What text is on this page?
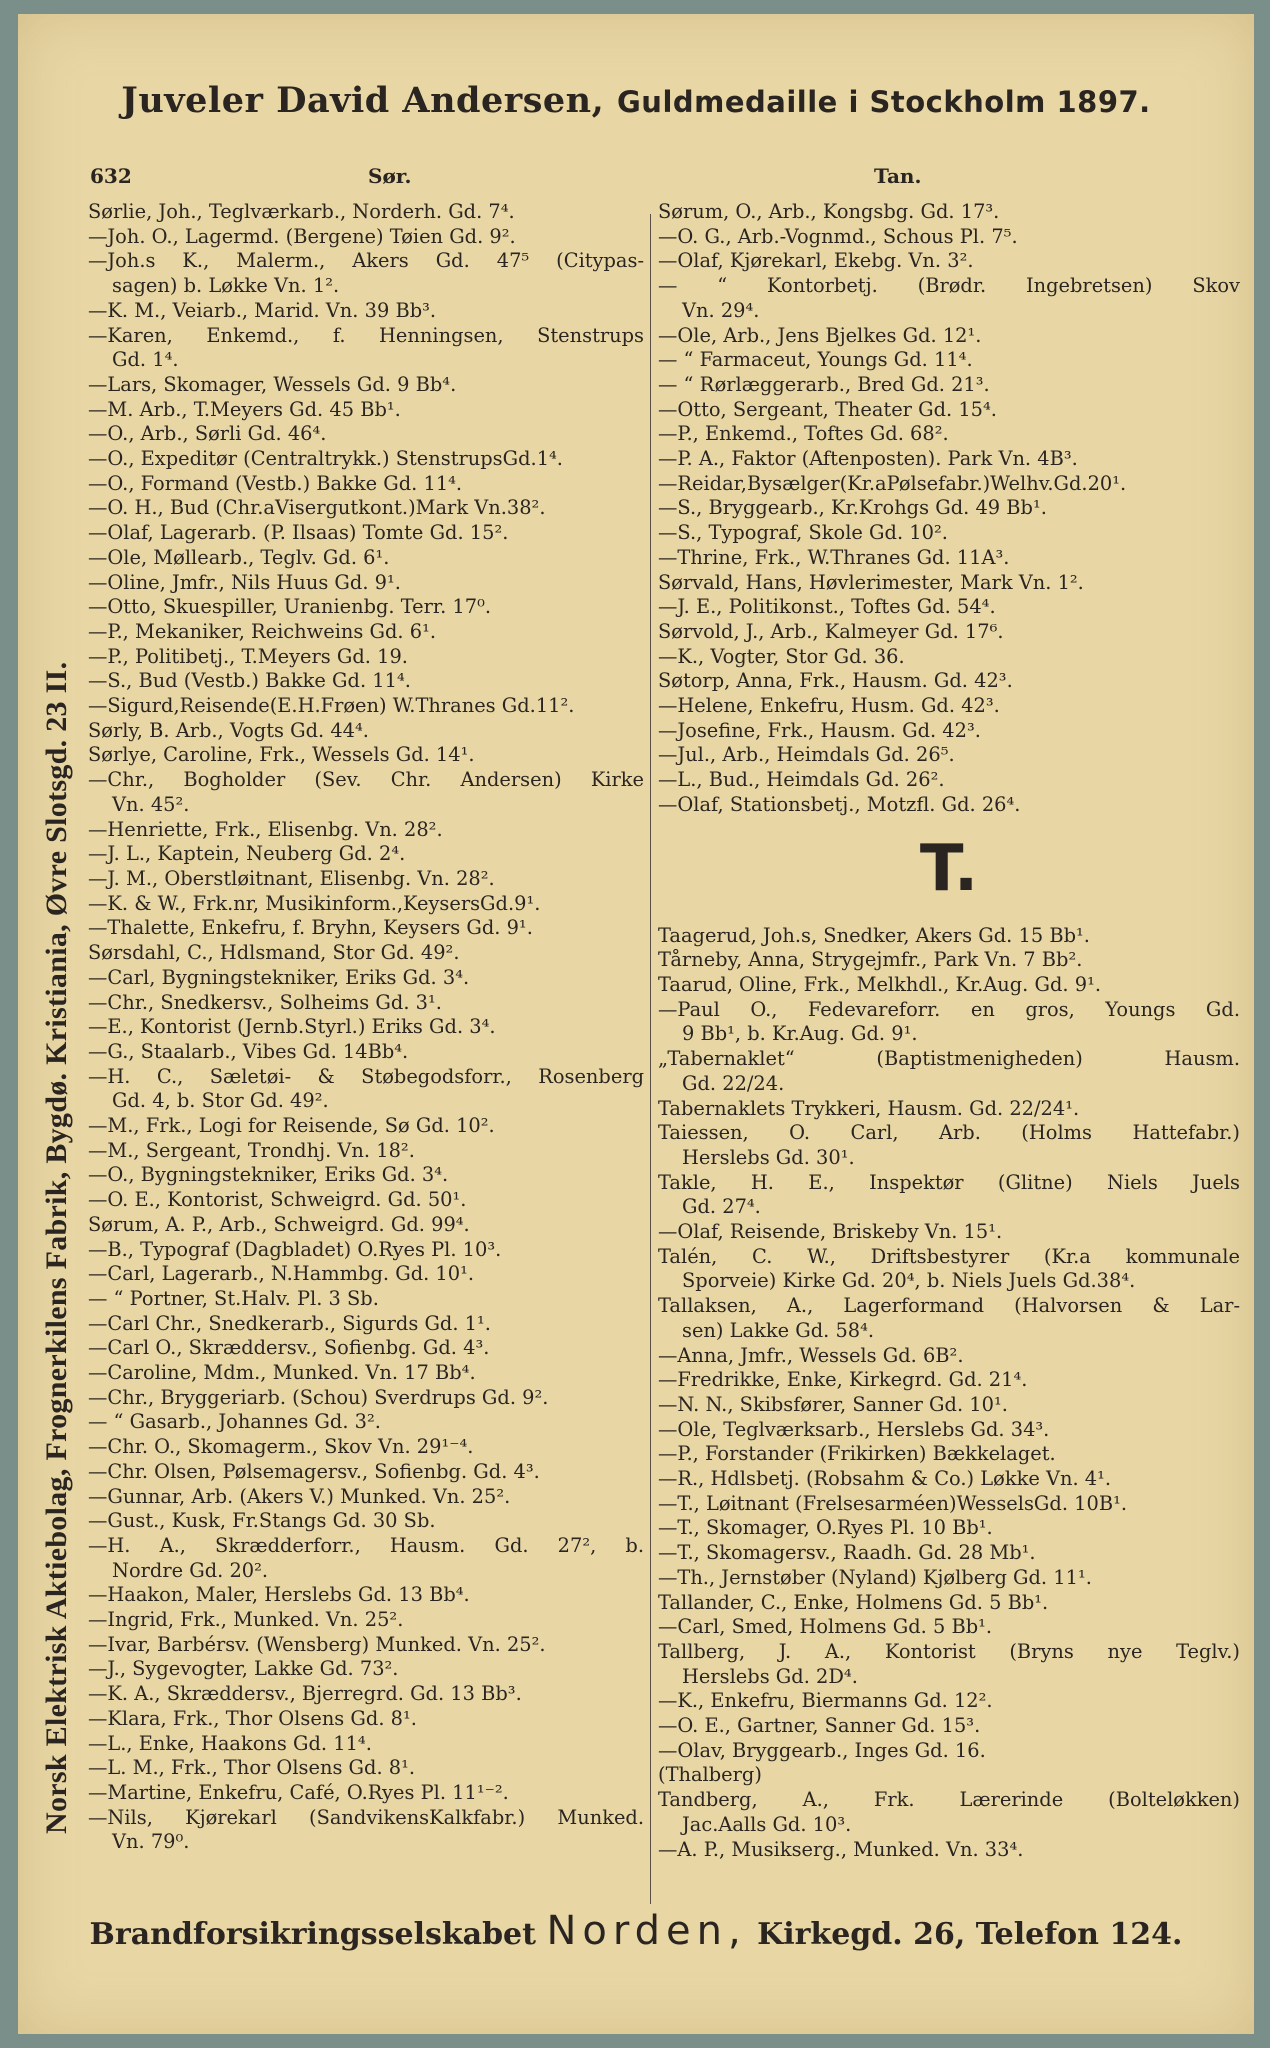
Juveler David Andersen, Guldmedaille i Stockholm 1897.
632	Sør.	Tan.
Norsk Elektrisk Aktiebolag, Frognerkilens Fabrik, Bygdø. Kristiania, Øvre Slotsgd. 23 II.
Sørlie, Joh., Teglværkarb., Norderh. Gd. 7⁴.
—Joh. O., Lagermd. (Bergene) Tøien Gd. 9².
—Joh.s K., Malerm., Akers Gd. 47⁵ (Citypas-
sagen) b. Løkke Vn. 1².
—K. M., Veiarb., Marid. Vn. 39 Bb³.
—Karen, Enkemd., f. Henningsen, Stenstrups
Gd. 1⁴.
—Lars, Skomager, Wessels Gd. 9 Bb⁴.
—M. Arb., T.Meyers Gd. 45 Bb¹.
—O., Arb., Sørli Gd. 46⁴.
—O., Expeditør (Centraltrykk.) StenstrupsGd.1⁴.
—O., Formand (Vestb.) Bakke Gd. 11⁴.
—O. H., Bud (Chr.aVisergutkont.)Mark Vn.38².
—Olaf, Lagerarb. (P. Ilsaas) Tomte Gd. 15².
—Ole, Møllearb., Teglv. Gd. 6¹.
—Oline, Jmfr., Nils Huus Gd. 9¹.
—Otto, Skuespiller, Uranienbg. Terr. 17⁰.
—P., Mekaniker, Reichweins Gd. 6¹.
—P., Politibetj., T.Meyers Gd. 19.
—S., Bud (Vestb.) Bakke Gd. 11⁴.
—Sigurd,Reisende(E.H.Frøen) W.Thranes Gd.11².
Sørly, B. Arb., Vogts Gd. 44⁴.
Sørlye, Caroline, Frk., Wessels Gd. 14¹.
—Chr., Bogholder (Sev. Chr. Andersen) Kirke
Vn. 45².
—Henriette, Frk., Elisenbg. Vn. 28².
—J. L., Kaptein, Neuberg Gd. 2⁴.
—J. M., Oberstløitnant, Elisenbg. Vn. 28².
—K. & W., Frk.nr, Musikinform.,KeysersGd.9¹.
—Thalette, Enkefru, f. Bryhn, Keysers Gd. 9¹.
Sørsdahl, C., Hdlsmand, Stor Gd. 49².
—Carl, Bygningstekniker, Eriks Gd. 3⁴.
—Chr., Snedkersv., Solheims Gd. 3¹.
—E., Kontorist (Jernb.Styrl.) Eriks Gd. 3⁴.
—G., Staalarb., Vibes Gd. 14Bb⁴.
—H. C., Sæletøi- & Støbegodsforr., Rosenberg
Gd. 4, b. Stor Gd. 49².
—M., Frk., Logi for Reisende, Sø Gd. 10².
—M., Sergeant, Trondhj. Vn. 18².
—O., Bygningstekniker, Eriks Gd. 3⁴.
—O. E., Kontorist, Schweigrd. Gd. 50¹.
Sørum, A. P., Arb., Schweigrd. Gd. 99⁴.
—B., Typograf (Dagbladet) O.Ryes Pl. 10³.
—Carl, Lagerarb., N.Hammbg. Gd. 10¹.
— “ Portner, St.Halv. Pl. 3 Sb.
—Carl Chr., Snedkerarb., Sigurds Gd. 1¹.
—Carl O., Skræddersv., Sofienbg. Gd. 4³.
—Caroline, Mdm., Munked. Vn. 17 Bb⁴.
—Chr., Bryggeriarb. (Schou) Sverdrups Gd. 9².
— “ Gasarb., Johannes Gd. 3².
—Chr. O., Skomagerm., Skov Vn. 29¹⁻⁴.
—Chr. Olsen, Pølsemagersv., Sofienbg. Gd. 4³.
—Gunnar, Arb. (Akers V.) Munked. Vn. 25².
—Gust., Kusk, Fr.Stangs Gd. 30 Sb.
—H. A., Skrædderforr., Hausm. Gd. 27², b.
Nordre Gd. 20².
—Haakon, Maler, Herslebs Gd. 13 Bb⁴.
—Ingrid, Frk., Munked. Vn. 25².
—Ivar, Barbérsv. (Wensberg) Munked. Vn. 25².
—J., Sygevogter, Lakke Gd. 73².
—K. A., Skræddersv., Bjerregrd. Gd. 13 Bb³.
—Klara, Frk., Thor Olsens Gd. 8¹.
—L., Enke, Haakons Gd. 11⁴.
—L. M., Frk., Thor Olsens Gd. 8¹.
—Martine, Enkefru, Café, O.Ryes Pl. 11¹⁻².
—Nils, Kjørekarl (SandvikensKalkfabr.) Munked.
Vn. 79⁰.
Sørum, O., Arb., Kongsbg. Gd. 17³.
—O. G., Arb.-Vognmd., Schous Pl. 7⁵.
—Olaf, Kjørekarl, Ekebg. Vn. 3².
— “ Kontorbetj. (Brødr. Ingebretsen) Skov
Vn. 29⁴.
—Ole, Arb., Jens Bjelkes Gd. 12¹.
— “ Farmaceut, Youngs Gd. 11⁴.
— “ Rørlæggerarb., Bred Gd. 21³.
—Otto, Sergeant, Theater Gd. 15⁴.
—P., Enkemd., Toftes Gd. 68².
—P. A., Faktor (Aftenposten). Park Vn. 4B³.
—Reidar,Bysælger(Kr.aPølsefabr.)Welhv.Gd.20¹.
—S., Bryggearb., Kr.Krohgs Gd. 49 Bb¹.
—S., Typograf, Skole Gd. 10².
—Thrine, Frk., W.Thranes Gd. 11A³.
Sørvald, Hans, Høvlerimester, Mark Vn. 1².
—J. E., Politikonst., Toftes Gd. 54⁴.
Sørvold, J., Arb., Kalmeyer Gd. 17⁶.
—K., Vogter, Stor Gd. 36.
Søtorp, Anna, Frk., Hausm. Gd. 42³.
—Helene, Enkefru, Husm. Gd. 42³.
—Josefine, Frk., Hausm. Gd. 42³.
—Jul., Arb., Heimdals Gd. 26⁵.
—L., Bud., Heimdals Gd. 26².
—Olaf, Stationsbetj., Motzfl. Gd. 26⁴.
T.
Taagerud, Joh.s, Snedker, Akers Gd. 15 Bb¹.
Tårneby, Anna, Strygejmfr., Park Vn. 7 Bb².
Taarud, Oline, Frk., Melkhdl., Kr.Aug. Gd. 9¹.
—Paul O., Fedevareforr. en gros, Youngs Gd.
9 Bb¹, b. Kr.Aug. Gd. 9¹.
„Tabernaklet“ (Baptistmenigheden) Hausm.
Gd. 22/24.
Tabernaklets Trykkeri, Hausm. Gd. 22/24¹.
Taiessen, O. Carl, Arb. (Holms Hattefabr.)
Herslebs Gd. 30¹.
Takle, H. E., Inspektør (Glitne) Niels Juels
Gd. 27⁴.
—Olaf, Reisende, Briskeby Vn. 15¹.
Talén, C. W., Driftsbestyrer (Kr.a kommunale
Sporveie) Kirke Gd. 20⁴, b. Niels Juels Gd.38⁴.
Tallaksen, A., Lagerformand (Halvorsen & Lar-
sen) Lakke Gd. 58⁴.
—Anna, Jmfr., Wessels Gd. 6B².
—Fredrikke, Enke, Kirkegrd. Gd. 21⁴.
—N. N., Skibsfører, Sanner Gd. 10¹.
—Ole, Teglværksarb., Herslebs Gd. 34³.
—P., Forstander (Frikirken) Bækkelaget.
—R., Hdlsbetj. (Robsahm & Co.) Løkke Vn. 4¹.
—T., Løitnant (Frelsesarméen)WesselsGd. 10B¹.
—T., Skomager, O.Ryes Pl. 10 Bb¹.
—T., Skomagersv., Raadh. Gd. 28 Mb¹.
—Th., Jernstøber (Nyland) Kjølberg Gd. 11¹.
Tallander, C., Enke, Holmens Gd. 5 Bb¹.
—Carl, Smed, Holmens Gd. 5 Bb¹.
Tallberg, J. A., Kontorist (Bryns nye Teglv.)
Herslebs Gd. 2D⁴.
—K., Enkefru, Biermanns Gd. 12².
—O. E., Gartner, Sanner Gd. 15³.
—Olav, Bryggearb., Inges Gd. 16.
(Thalberg)
Tandberg, A., Frk. Lærerinde (Bolteløkken)
Jac.Aalls Gd. 10³.
—A. P., Musikserg., Munked. Vn. 33⁴.
Brandforsikringsselskabet Norden, Kirkegd. 26, Telefon 124.
